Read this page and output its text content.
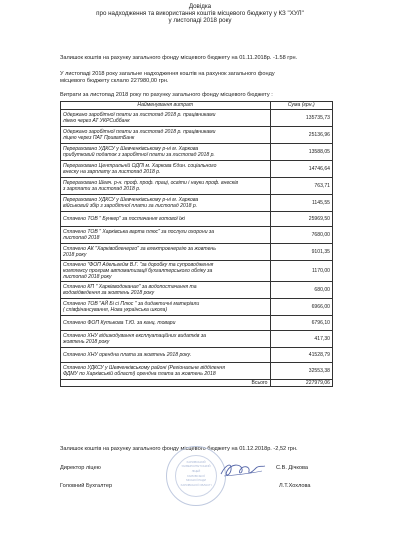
Довідка
про надходження та використання коштів місцевого бюджету у КЗ "ХУЛ"
у листопаді 2018 року
Залишок коштів на рахунку загального фонду місцевого бюджету на 01.11.2018р. -1.58 грн.
У листопаді 2018 року загальне надходження коштів на рахунок загального фонду
місцевого бюджету склало 227980,00 грн.
Витрати за листопад 2018 року по рахунку загального фонду місцевого бюджету :
Найменування витрат	Сума (грн.)

Одержано заробітної плати за листопад 2018 р. працівниками
лікею через АТ УКРСиббанк	135735,73

Одержано заробітної плати за листопад 2018 р. працівниками
ліцею через ПАТ ПриватБанк	25136,96

Перераховано УДКСУ у Шевченківському р-ні м. Харкова
прибутковий податок з заробітної плати за листопад 2018 р.	13588,05

Перераховано Центральній ОДПІ м. Харкова Єдин. соціального
внеску на зарплату за листопад 2018 р.	14746,64

Перераховано Шевч. р-н. проф. проф. праці, освіти і науки проф. внесків
з зарплати за листопад 2018 р.	763,71

Перераховано УДКСУ у Шевченківському р-ні м. Харкова
військовий збір з заробітної плати за листопад 2018 р.	1145,55

Сплачено ТОВ " Бункер" за постачання готової їжі	25969,50

Сплачено ТОВ " Харківська варта плюс" за послуги охорони за
листопад 2018	7680,00

Сплачено АК "Харківобленерго" за електроенергію за жовтень
2018 року	9101,35

Сплачено "ФОП Адельгейм В.Г. "за доробку та супроводження
комплексу програм автоматизації бухгалтерського обліку за
листопад 2018 року	1170,00

Сплачено КП " Харківводоканал" за водопостачання та
водовідведення за жовтень 2018 року	680,00

Сплачено ТОВ "АЙ Бі сі Плюс " за дидактичні матеріали
( співфінансування, Нова українська школа)	6966,00

Сплачено ФОП Кутькова Т.Ю. за канц. товари	6796,10

Сплачено ХНУ відшкодування експлуатаційних видатків за
жовтень 2018 року	417,30

Сплачено ХНУ орендна плата за жовтень 2018 року.	41528,79

Сплачено УДКСУ у Шевченківському районі (Регіональне відділення
ФДМУ по Харківській області) орендна плата за жовтень 2018	32553,38
Всього	227979,06
Залишок коштів на рахунку загального фонду місцевого бюджету на 01.12.2018р. -2,52 грн.
Директор ліцею	С.В. Дічкова
Головний Бухгалтер	Л.Т.Хохлова
ХАРКІВСЬКИЙ
УНІВЕРСИТЕТСЬКИЙ
ЛІЦЕЙ
ХАРКІВСЬКОЇ
МІСЬКОЇ РАДИ
ХАРКІВСЬКОЇ ОБЛАСТІ
